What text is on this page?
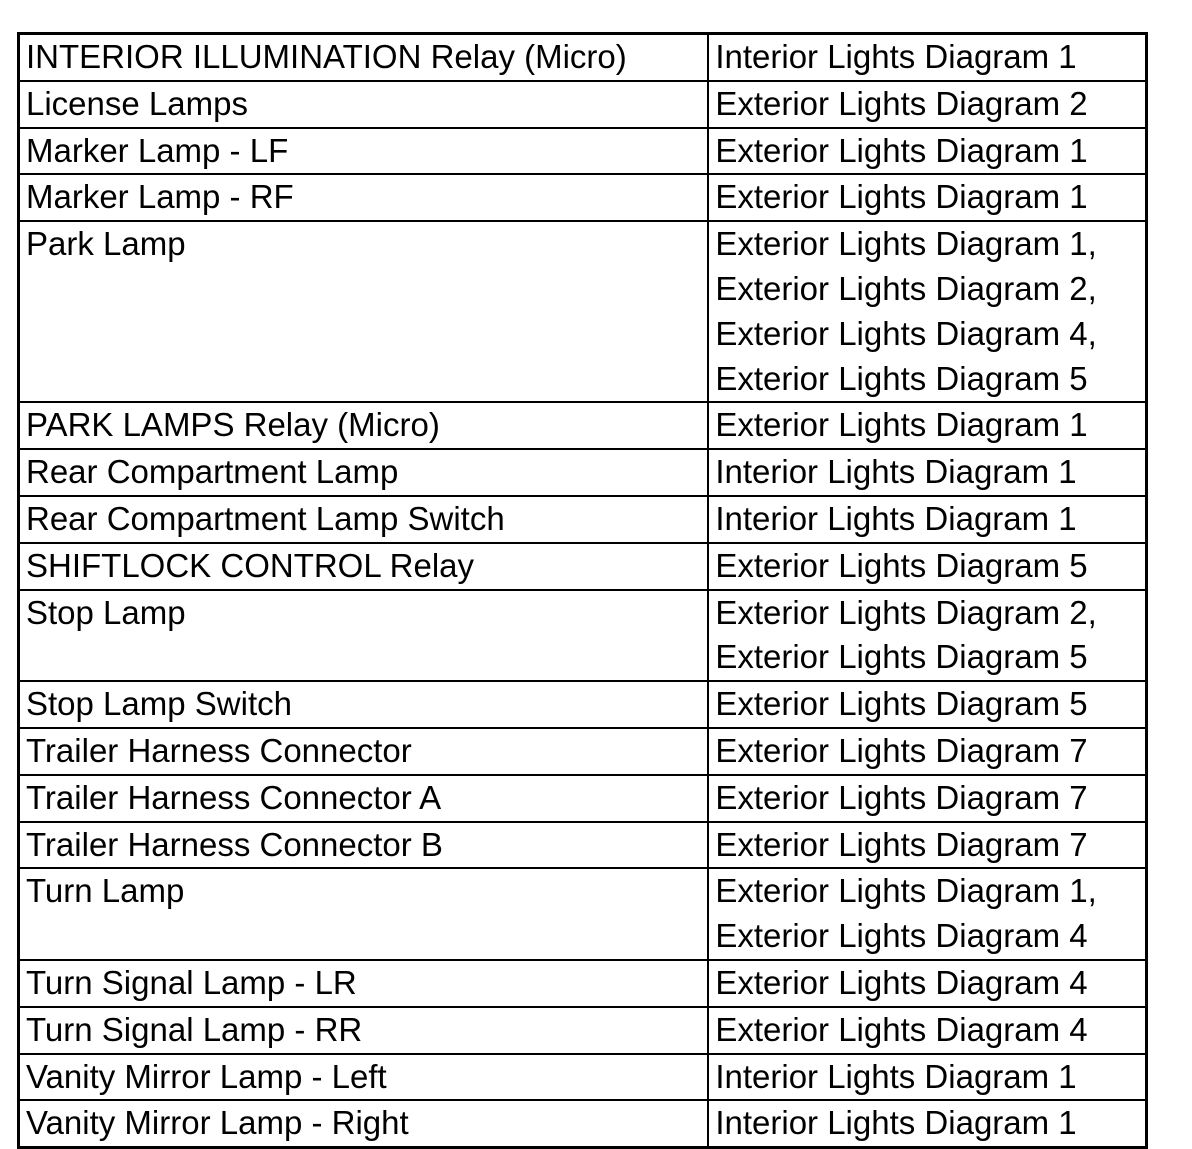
INTERIOR ILLUMINATION Relay (Micro)	Interior Lights Diagram 1

License Lamps	Exterior Lights Diagram 2

Marker Lamp - LF	Exterior Lights Diagram 1

Marker Lamp - RF	Exterior Lights Diagram 1

Park Lamp	Exterior Lights Diagram 1,
Exterior Lights Diagram 2,
Exterior Lights Diagram 4,
Exterior Lights Diagram 5

PARK LAMPS Relay (Micro)	Exterior Lights Diagram 1

Rear Compartment Lamp	Interior Lights Diagram 1

Rear Compartment Lamp Switch	Interior Lights Diagram 1

SHIFTLOCK CONTROL Relay	Exterior Lights Diagram 5

Stop Lamp	Exterior Lights Diagram 2,
Exterior Lights Diagram 5

Stop Lamp Switch	Exterior Lights Diagram 5

Trailer Harness Connector	Exterior Lights Diagram 7

Trailer Harness Connector A	Exterior Lights Diagram 7

Trailer Harness Connector B	Exterior Lights Diagram 7

Turn Lamp	Exterior Lights Diagram 1,
Exterior Lights Diagram 4

Turn Signal Lamp - LR	Exterior Lights Diagram 4

Turn Signal Lamp - RR	Exterior Lights Diagram 4

Vanity Mirror Lamp - Left	Interior Lights Diagram 1

Vanity Mirror Lamp - Right	Interior Lights Diagram 1
